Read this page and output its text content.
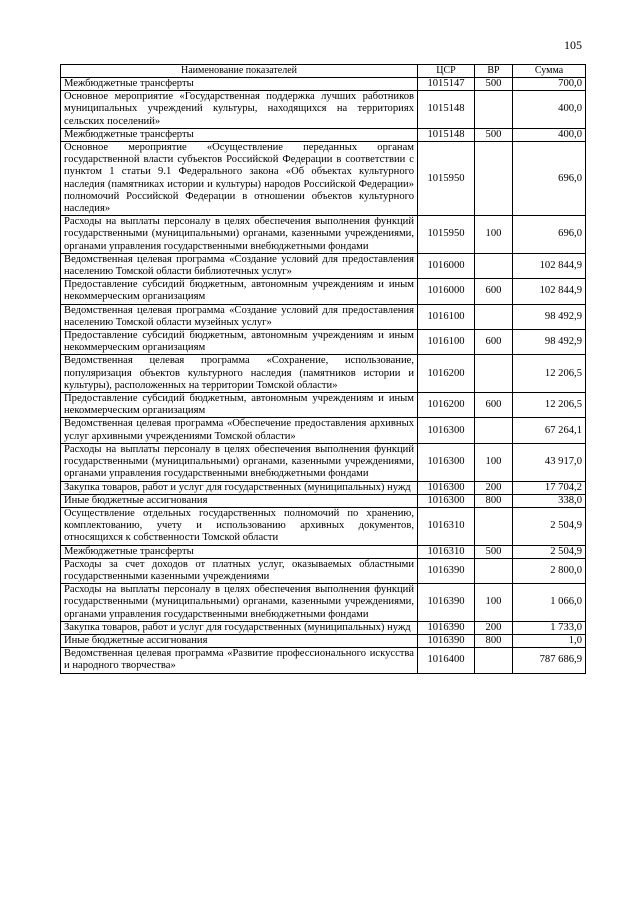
105
Наименование показателей	ЦСР	ВР	Сумма
Межбюджетные трансферты	1015147	500	700,0
Основное мероприятие «Государственная поддержка лучших работников муниципальных учреждений культуры, находящихся на территориях сельских поселений»	1015148		400,0
Межбюджетные трансферты	1015148	500	400,0
Основное мероприятие «Осуществление переданных органам государственной власти субъектов Российской Федерации в соответствии с пунктом 1 статьи 9.1 Федерального закона «Об объектах культурного наследия (памятниках истории и культуры) народов Российской Федерации» полномочий Российской Федерации в отношении объектов культурного наследия»	1015950		696,0
Расходы на выплаты персоналу в целях обеспечения выполнения функций государственными (муниципальными) органами, казенными учреждениями, органами управления государственными внебюджетными фондами	1015950	100	696,0
Ведомственная целевая программа «Создание условий для предоставления населению Томской области библиотечных услуг»	1016000		102 844,9
Предоставление субсидий бюджетным, автономным учреждениям и иным некоммерческим организациям	1016000	600	102 844,9
Ведомственная целевая программа «Создание условий для предоставления населению Томской области музейных услуг»	1016100		98 492,9
Предоставление субсидий бюджетным, автономным учреждениям и иным некоммерческим организациям	1016100	600	98 492,9
Ведомственная целевая программа «Сохранение, использование, популяризация объектов культурного наследия (памятников истории и культуры), расположенных на территории Томской области»	1016200		12 206,5
Предоставление субсидий бюджетным, автономным учреждениям и иным некоммерческим организациям	1016200	600	12 206,5
Ведомственная целевая программа «Обеспечение предоставления архивных услуг архивными учреждениями Томской области»	1016300		67 264,1
Расходы на выплаты персоналу в целях обеспечения выполнения функций государственными (муниципальными) органами, казенными учреждениями, органами управления государственными внебюджетными фондами	1016300	100	43 917,0
Закупка товаров, работ и услуг для государственных (муниципальных) нужд	1016300	200	17 704,2
Иные бюджетные ассигнования	1016300	800	338,0
Осуществление отдельных государственных полномочий по хранению, комплектованию, учету и использованию архивных документов, относящихся к собственности Томской области	1016310		2 504,9
Межбюджетные трансферты	1016310	500	2 504,9
Расходы за счет доходов от платных услуг, оказываемых областными государственными казенными учреждениями	1016390		2 800,0
Расходы на выплаты персоналу в целях обеспечения выполнения функций государственными (муниципальными) органами, казенными учреждениями, органами управления государственными внебюджетными фондами	1016390	100	1 066,0
Закупка товаров, работ и услуг для государственных (муниципальных) нужд	1016390	200	1 733,0
Иные бюджетные ассигнования	1016390	800	1,0
Ведомственная целевая программа «Развитие профессионального искусства и народного творчества»	1016400		787 686,9
